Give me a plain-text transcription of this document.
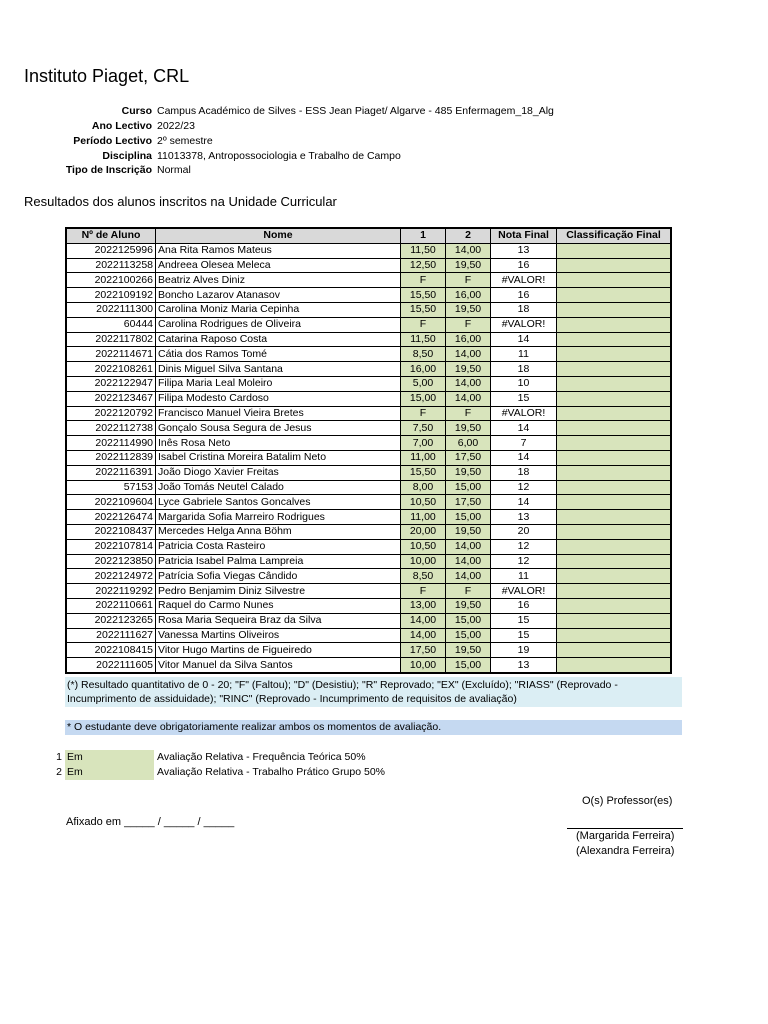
Instituto Piaget, CRL
Curso Campus Académico de Silves - ESS Jean Piaget/ Algarve - 485 Enfermagem_18_Alg
Ano Lectivo 2022/23
Período Lectivo 2º semestre
Disciplina 11013378, Antropossociologia e Trabalho de Campo
Tipo de Inscrição Normal
Resultados dos alunos inscritos na Unidade Curricular
Nº de Aluno	Nome	1	2	Nota Final	Classificação Final
2022125996	Ana Rita Ramos Mateus	11,50	14,00	13	
2022113258	Andreea Olesea Meleca	12,50	19,50	16	
2022100266	Beatriz Alves Diniz	F	F	#VALOR!	
2022109192	Boncho Lazarov Atanasov	15,50	16,00	16	
2022111300	Carolina Moniz Maria Cepinha	15,50	19,50	18	
60444	Carolina Rodrigues de Oliveira	F	F	#VALOR!	
2022117802	Catarina Raposo Costa	11,50	16,00	14	
2022114671	Cátia dos Ramos Tomé	8,50	14,00	11	
2022108261	Dinis Miguel Silva Santana	16,00	19,50	18	
2022122947	Filipa Maria Leal Moleiro	5,00	14,00	10	
2022123467	Filipa Modesto Cardoso	15,00	14,00	15	
2022120792	Francisco Manuel Vieira Bretes	F	F	#VALOR!	
2022112738	Gonçalo Sousa Segura de Jesus	7,50	19,50	14	
2022114990	Inês Rosa Neto	7,00	6,00	7	
2022112839	Isabel Cristina Moreira Batalim Neto	11,00	17,50	14	
2022116391	João Diogo Xavier Freitas	15,50	19,50	18	
57153	João Tomás Neutel Calado	8,00	15,00	12	
2022109604	Lyce Gabriele Santos Goncalves	10,50	17,50	14	
2022126474	Margarida Sofia Marreiro Rodrigues	11,00	15,00	13	
2022108437	Mercedes Helga Anna Böhm	20,00	19,50	20	
2022107814	Patricia Costa Rasteiro	10,50	14,00	12	
2022123850	Patricia Isabel Palma Lampreia	10,00	14,00	12	
2022124972	Patrícia Sofia Viegas Cândido	8,50	14,00	11	
2022119292	Pedro Benjamim Diniz Silvestre	F	F	#VALOR!	
2022110661	Raquel do Carmo Nunes	13,00	19,50	16	
2022123265	Rosa Maria Sequeira Braz da Silva	14,00	15,00	15	
2022111627	Vanessa Martins Oliveiros	14,00	15,00	15	
2022108415	Vitor Hugo Martins de Figueiredo	17,50	19,50	19	
2022111605	Vitor Manuel da Silva Santos	10,00	15,00	13	
(*) Resultado quantitativo de 0 - 20; "F" (Faltou); "D" (Desistiu); "R" Reprovado; "EX" (Excluído); "RIASS" (Reprovado -
Incumprimento de assiduidade); "RINC" (Reprovado - Incumprimento de requisitos de avaliação)
* O estudante deve obrigatoriamente realizar ambos os momentos de avaliação.
1 Em	Avaliação Relativa - Frequência Teórica 50%
2 Em	Avaliação Relativa - Trabalho Prático Grupo 50%
O(s) Professor(es)
Afixado em _____ / _____ / _____
(Margarida Ferreira)
(Alexandra Ferreira)
